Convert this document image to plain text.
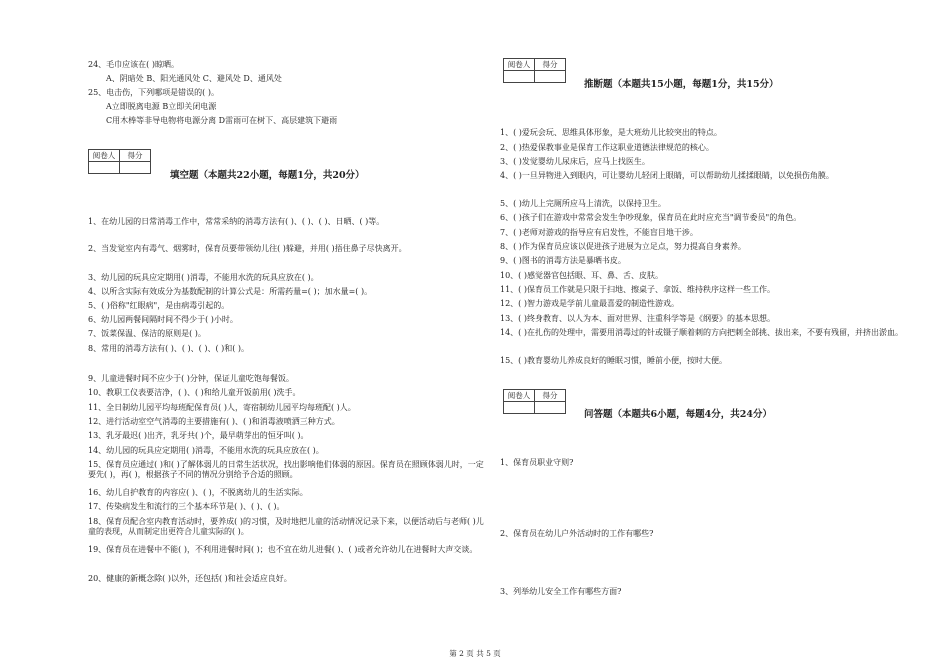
24、毛巾应该在( )晾晒。
A、阴暗处 B、阳光通风处 C、避风处 D、通风处
25、电击伤，下列哪项是错误的( )。
A立即脱离电源 B立即关闭电源
C用木棒等非导电物将电源分离 D雷雨可在树下、高层建筑下避雨
阅卷人	得分

填空题（本题共22小题，每题1分，共20分）
1、在幼儿园的日常消毒工作中，常常采纳的消毒方法有( )、( )、( )、日晒、( )等。
2、当发觉室内有毒气、烟雾时，保育员要带领幼儿往( )躲避，并用( )捂住鼻子尽快离开。
3、幼儿园的玩具应定期用( )消毒，不能用水洗的玩具应放在( )。
4、以所含实际有效成分为基数配制的计算公式是：所需药量=( )；加水量=( )。
5、( )俗称"红眼病"，是由病毒引起的。
6、幼儿园两餐间隔时间不得少于( )小时。
7、饭菜保温、保洁的原则是( )。
8、常用的消毒方法有( )、( )、( )、( )和( )。
9、儿童进餐时间不应少于( )分钟，保证儿童吃饱每餐饭。
10、教职工仪表要洁净，( )、( )和给儿童开饭前用( )洗手。
11、全日制幼儿园平均每班配保育员( )人，寄宿制幼儿园平均每班配( )人。
12、进行活动室空气消毒的主要措施有( )、( )和消毒液喷洒三种方式。
13、乳牙最迟( )出齐，乳牙共( )个，最早萌芽出的恒牙叫( )。
14、幼儿园的玩具应定期用( )消毒，不能用水洗的玩具应放在( )。
15、保育员应通过( )和( )了解体弱儿的日常生活状况，找出影响他们体弱的原因。保育员在照顾体弱儿时，一定要先( )，再( )，根据孩子不同的情况分别给予合适的照顾。
16、幼儿自护教育的内容应( )、( )，不脱离幼儿的生活实际。
17、传染病发生和流行的三个基本环节是( )、( )、( )。
18、保育员配合室内教育活动时，要养成( )的习惯，及时地把儿童的活动情况记录下来，以便活动后与老师( )儿童的表现，从而制定出更符合儿童实际的( )。
19、保育员在进餐中不能( )，不利用进餐时间( )；也不宜在幼儿进餐( )、( )或者允许幼儿在进餐时大声交谈。
20、健康的新概念除( )以外，还包括( )和社会适应良好。
阅卷人	得分

推断题（本题共15小题，每题1分，共15分）
1、( )爱玩会玩、思维具体形象，是大班幼儿比较突出的特点。
2、( )热爱保教事业是保育工作这职业道德法律规范的核心。
3、( )发觉婴幼儿尿床后，应马上找医生。
4、( )一旦异物进入到眼内，可让婴幼儿轻闭上眼睛，可以帮助幼儿揉揉眼睛，以免损伤角膜。
5、( )幼儿上完厕所应马上清洗，以保持卫生。
6、( )孩子们在游戏中常常会发生争吵现象，保育员在此时应充当"调节委员"的角色。
7、( )老师对游戏的指导应有启发性，不能盲目地干涉。
8、( )作为保育员应该以促进孩子进展为立足点，努力提高自身素养。
9、( )图书的消毒方法是暴晒书皮。
10、( )感觉器官包括眼、耳、鼻、舌、皮肤。
11、( )保育员工作就是只限于扫地、擦桌子、拿饭、维持秩序这样一些工作。
12、( )智力游戏是学前儿童最喜爱的制造性游戏。
13、( )终身教育、以人为本、面对世界、注重科学等是《纲要》的基本思想。
14、( )在扎伤的处理中，需要用消毒过的针或镊子顺着刺的方向把刺全部挑、拔出来，不要有残留，并挤出淤血。
15、( )教育婴幼儿养成良好的睡眠习惯，睡前小便，按时大便。
阅卷人	得分

问答题（本题共6小题，每题4分，共24分）
1、保育员职业守则?
2、保育员在幼儿户外活动时的工作有哪些?
3、列举幼儿安全工作有哪些方面?
第 2 页 共 5 页
